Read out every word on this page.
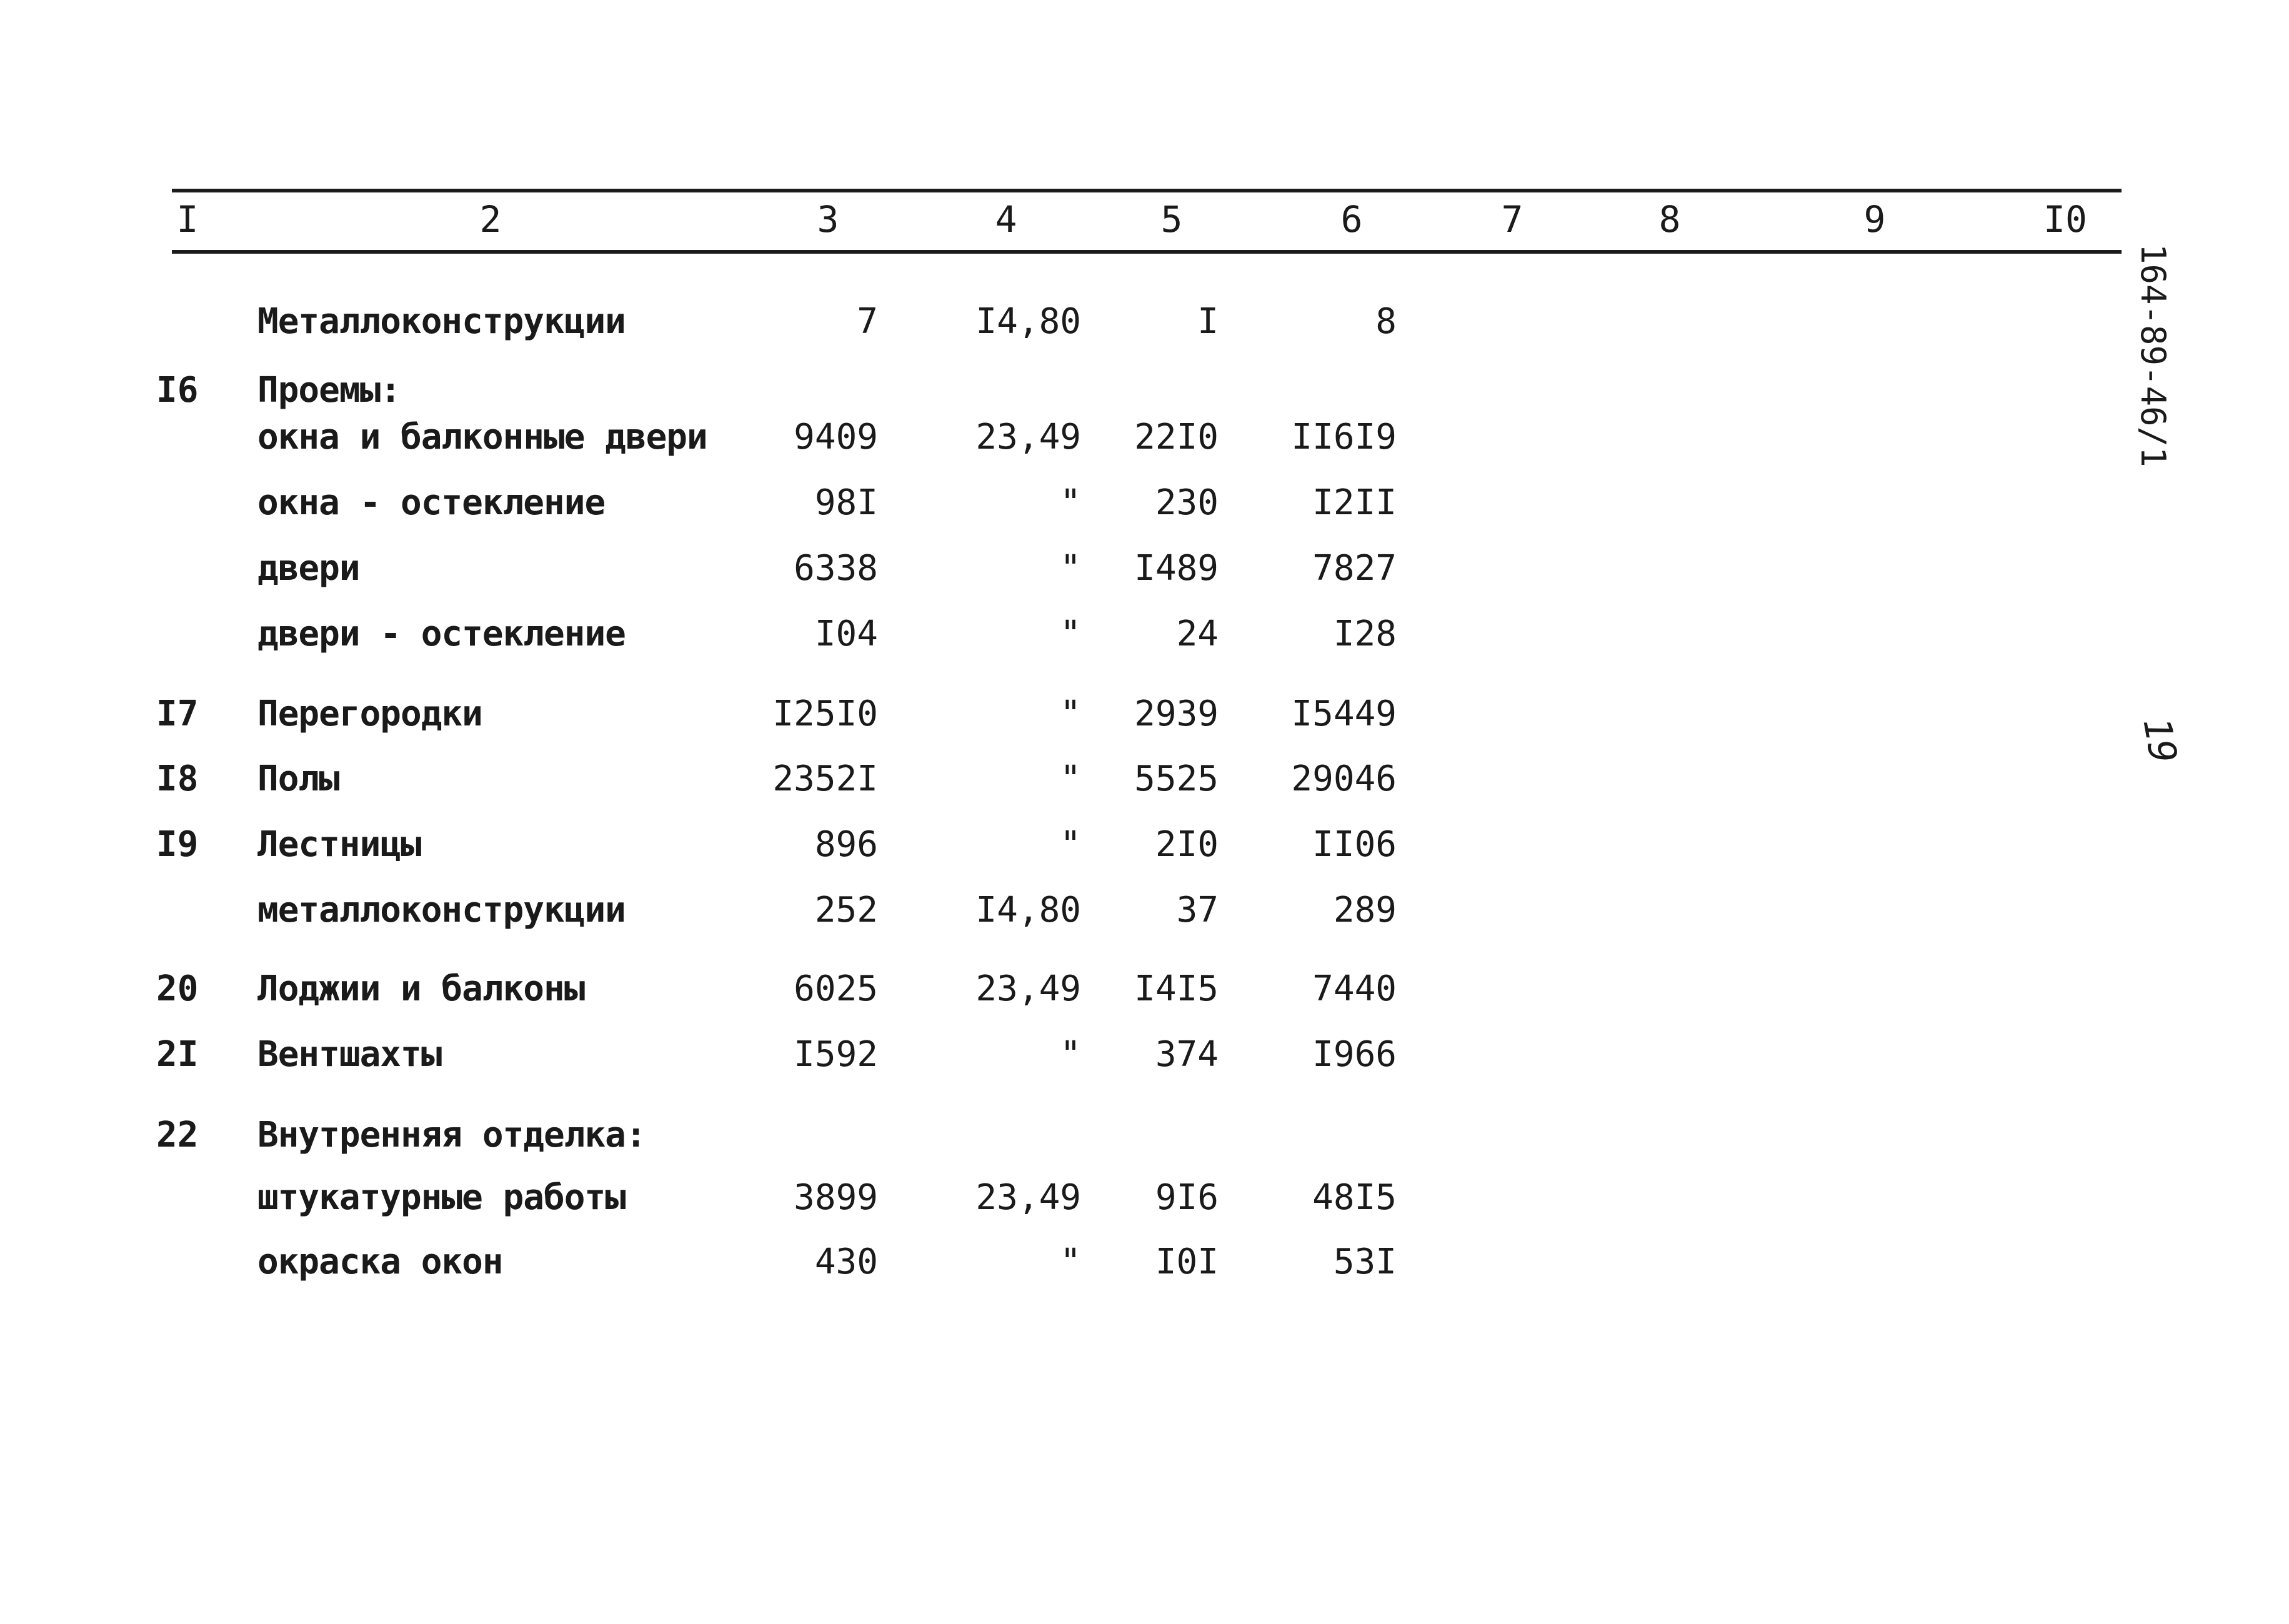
I	2	3	4	5	6	7	8	9	I0
Металлоконструкции	7	I4,80	I	8
I6	Проемы:
окна и балконные двери	9409	23,49	22I0	II6I9
окна - остекление	98I	"	230	I2II
двери	6338	"	I489	7827
двери - остекление	I04	"	24	I28
I7	Перегородки	I25I0	"	2939	I5449
I8	Полы	2352I	"	5525	29046
I9	Лестницы	896	"	2I0	II06
металлоконструкции	252	I4,80	37	289
20	Лоджии и балконы	6025	23,49	I4I5	7440
2I	Вентшахты	I592	"	374	I966
22	Внутренняя отделка:
штукатурные работы	3899	23,49	9I6	48I5
окраска окон	430	"	I0I	53I
164-89-46/1
19
